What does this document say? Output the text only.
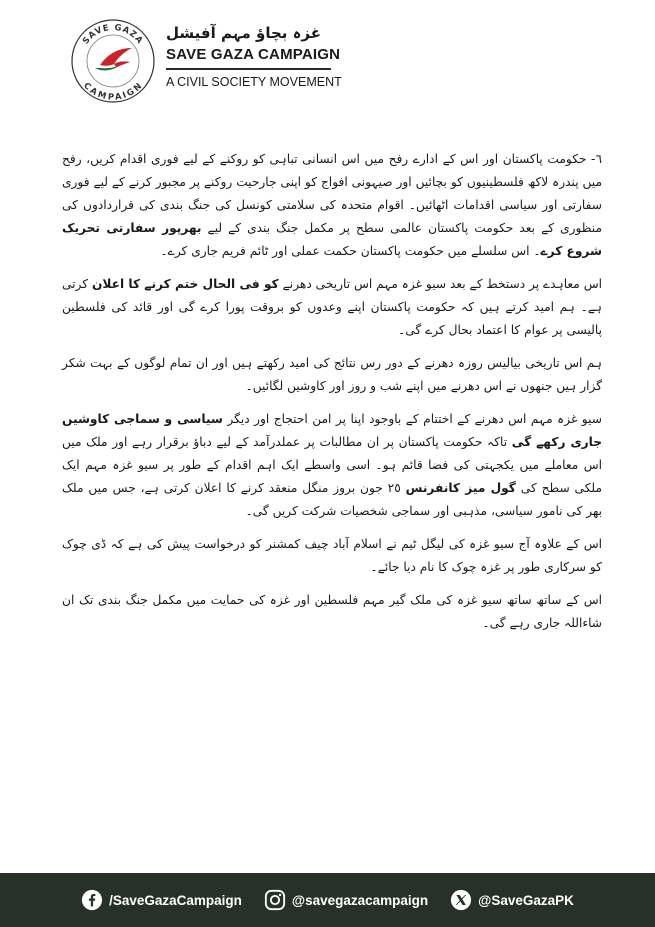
SAVE GAZA
CAMPAIGN

غزہ بچاؤ مہم آفیشل

SAVE GAZA CAMPAIGN

A CIVIL SOCIETY MOVEMENT

٦- حکومت پاکستان اور اس کے ادارے رفح میں اس انسانی تباہی کو روکنے کے لیے فوری اقدام کریں، رفح میں پندرہ لاکھ فلسطینیوں کو بچائیں اور صیہونی افواج کو اپنی جارحیت روکنے پر مجبور کرنے کے لیے فوری سفارتی اور سیاسی اقدامات اٹھائیں۔ اقوام متحدہ کی سلامتی کونسل کی جنگ بندی کی قراردادوں کی منظوری کے بعد حکومت پاکستان عالمی سطح پر مکمل جنگ بندی کے لیے بھرپور سفارتی تحریک شروع کرے۔ اس سلسلے میں حکومت پاکستان حکمت عملی اور ٹائم فریم جاری کرے۔

اس معاہدے پر دستخط کے بعد سیو غزہ مہم اس تاریخی دھرنے کو فی الحال ختم کرنے کا اعلان کرتی ہے۔ ہم امید کرتے ہیں کہ حکومت پاکستان اپنے وعدوں کو بروقت پورا کرے گی اور قائد کی فلسطین پالیسی پر عوام کا اعتماد بحال کرے گی۔

ہم اس تاریخی بیالیس روزہ دھرنے کے دور رس نتائج کی امید رکھتے ہیں اور ان تمام لوگوں کے بہت شکر گزار ہیں جنھوں نے اس دھرنے میں اپنے شب و روز اور کاوشیں لگائیں۔

سیو غزہ مہم اس دھرنے کے اختتام کے باوجود اپنا پر امن احتجاج اور دیگر سیاسی و سماجی کاوشیں جاری رکھے گی تاکہ حکومت پاکستان پر ان مطالبات پر عملدرآمد کے لیے دباؤ برقرار رہے اور ملک میں اس معاملے میں یکجہتی کی فضا قائم ہو۔ اسی واسطے ایک اہم اقدام کے طور پر سیو غزہ مہم ایک ملکی سطح کی گول میز کانفرنس ٢٥ جون بروز منگل منعقد کرنے کا اعلان کرتی ہے، جس میں ملک بھر کی نامور سیاسی، مذہبی اور سماجی شخصیات شرکت کریں گی۔

اس کے علاوہ آج سیو غزہ کی لیگل ٹیم نے اسلام آباد چیف کمشنر کو درخواست پیش کی ہے کہ ڈی چوک کو سرکاری طور پر غزہ چوک کا نام دیا جائے۔

اس کے ساتھ ساتھ سیو غزہ کی ملک گیر مہم فلسطین اور غزہ کی حمایت میں مکمل جنگ بندی تک ان شاءاللہ جاری رہے گی۔

/SaveGazaCampaign	@savegazacampaign	@SaveGazaPK
